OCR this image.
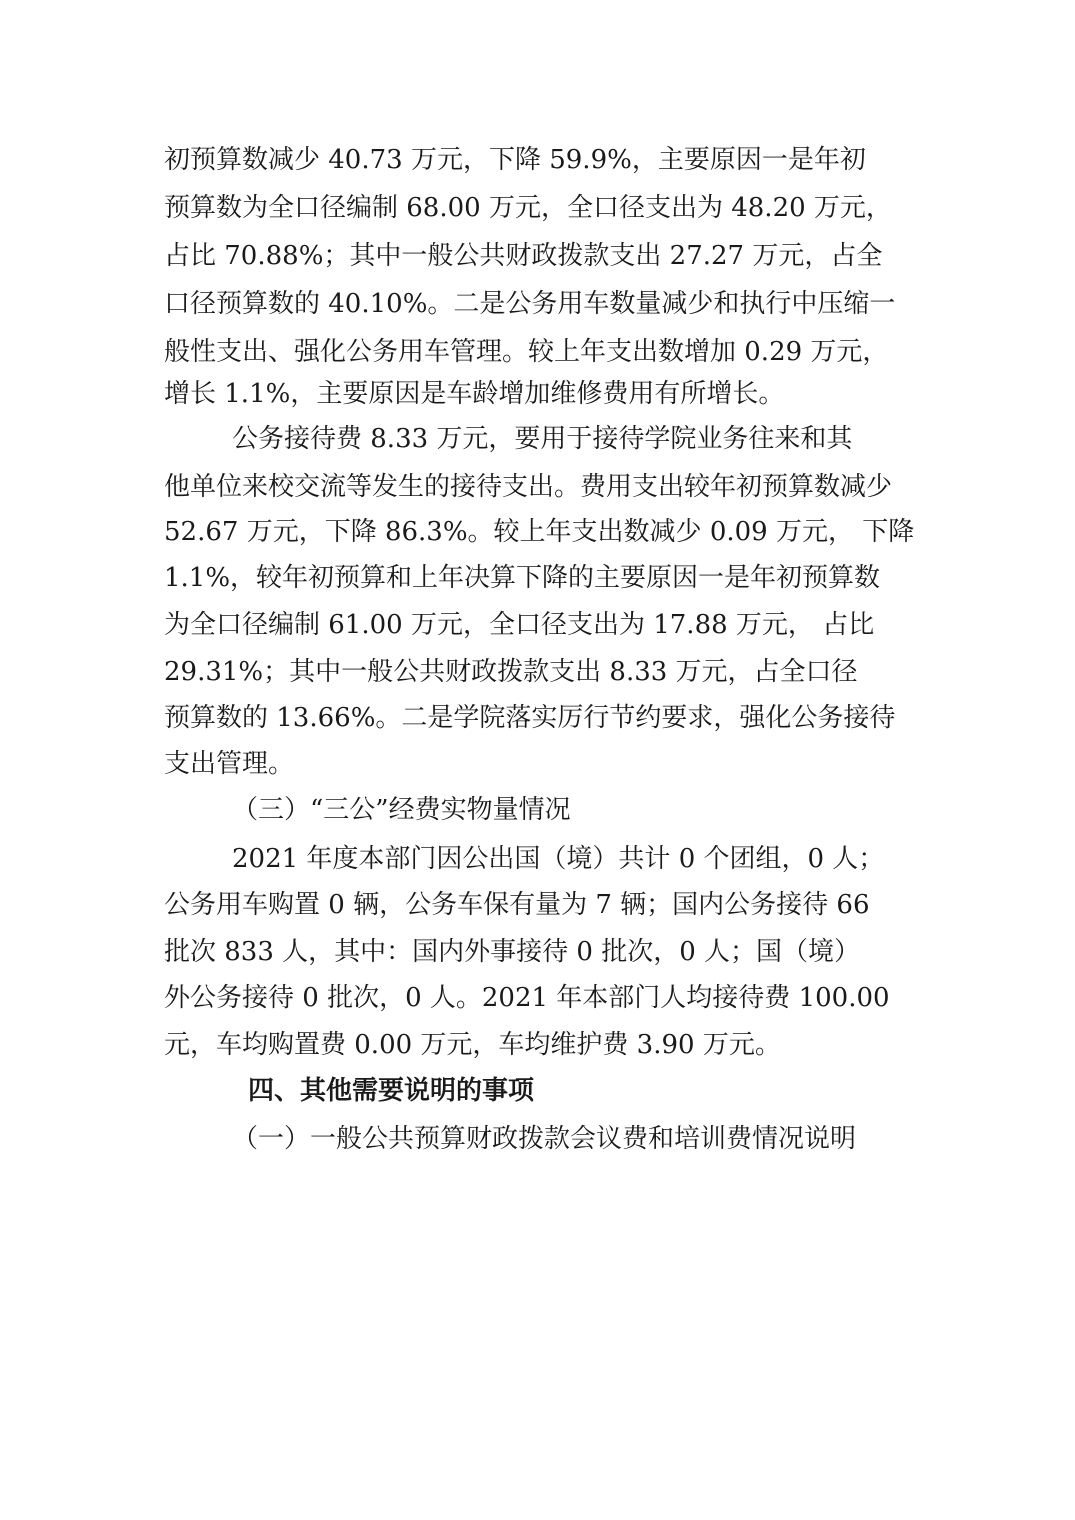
初预算数减少 40.73 万元，下降 59.9%，主要原因一是年初
预算数为全口径编制 68.00 万元，全口径支出为 48.20 万元，
占比 70.88%；其中一般公共财政拨款支出 27.27 万元，占全
口径预算数的 40.10%。二是公务用车数量减少和执行中压缩一
般性支出、强化公务用车管理。较上年支出数增加 0.29 万元，
增长 1.1%，主要原因是车龄增加维修费用有所增长。
公务接待费 8.33 万元，要用于接待学院业务往来和其
他单位来校交流等发生的接待支出。费用支出较年初预算数减少
52.67 万元，下降 86.3%。较上年支出数减少 0.09 万元， 下降
1.1%，较年初预算和上年决算下降的主要原因一是年初预算数
为全口径编制 61.00 万元，全口径支出为 17.88 万元， 占比
29.31%；其中一般公共财政拨款支出 8.33 万元，占全口径
预算数的 13.66%。二是学院落实厉行节约要求，强化公务接待
支出管理。
（三）“三公”经费实物量情况
2021 年度本部门因公出国（境）共计 0 个团组，0 人；
公务用车购置 0 辆，公务车保有量为 7 辆；国内公务接待 66
批次 833 人，其中：国内外事接待 0 批次，0 人；国（境）
外公务接待 0 批次，0 人。2021 年本部门人均接待费 100.00
元，车均购置费 0.00 万元，车均维护费 3.90 万元。
四、其他需要说明的事项
（一）一般公共预算财政拨款会议费和培训费情况说明
